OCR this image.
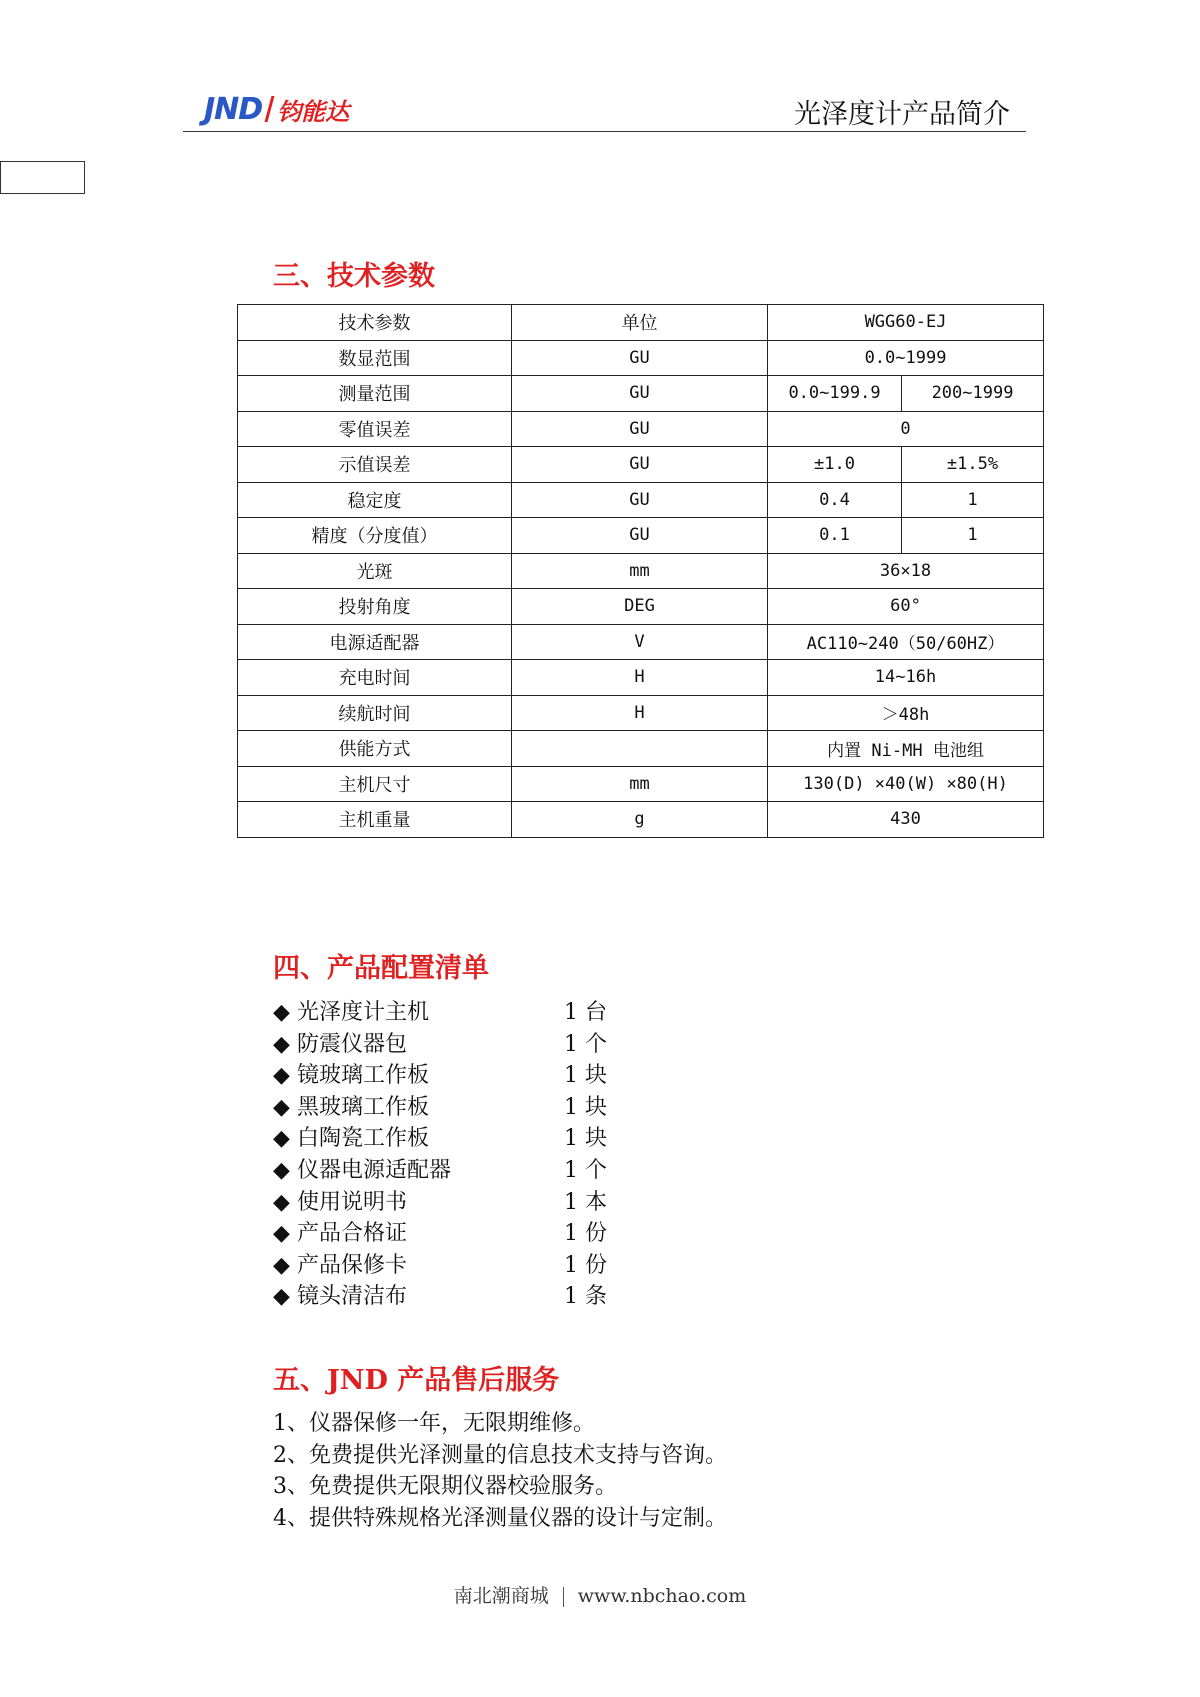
JND 钧能达	光泽度计产品简介
三、技术参数
技术参数	单位	WGG60-EJ	
数显范围	GU	0.0~1999	
测量范围	GU	0.0~199.9	200~1999
零值误差	GU	0	
示值误差	GU	±1.0	±1.5%
稳定度	GU	0.4	1
精度（分度值）	GU	0.1	1
光斑	mm	36×18	
投射角度	DEG	60°	
电源适配器	V	AC110~240（50/60HZ）	
充电时间	H	14~16h	
续航时间	H	＞48h	
供能方式		内置 Ni-MH 电池组	
主机尺寸	mm	130(D) ×40(W) ×80(H)	
主机重量	g	430	
四、产品配置清单
◆ 光泽度计主机	1 台
◆ 防震仪器包	1 个
◆ 镜玻璃工作板	1 块
◆ 黑玻璃工作板	1 块
◆ 白陶瓷工作板	1 块
◆ 仪器电源适配器	1 个
◆ 使用说明书	1 本
◆ 产品合格证	1 份
◆ 产品保修卡	1 份
◆ 镜头清洁布	1 条
五、JND 产品售后服务
1、仪器保修一年，无限期维修。
2、免费提供光泽测量的信息技术支持与咨询。
3、免费提供无限期仪器校验服务。
4、提供特殊规格光泽测量仪器的设计与定制。
南北潮商城 www.nbchao.com
